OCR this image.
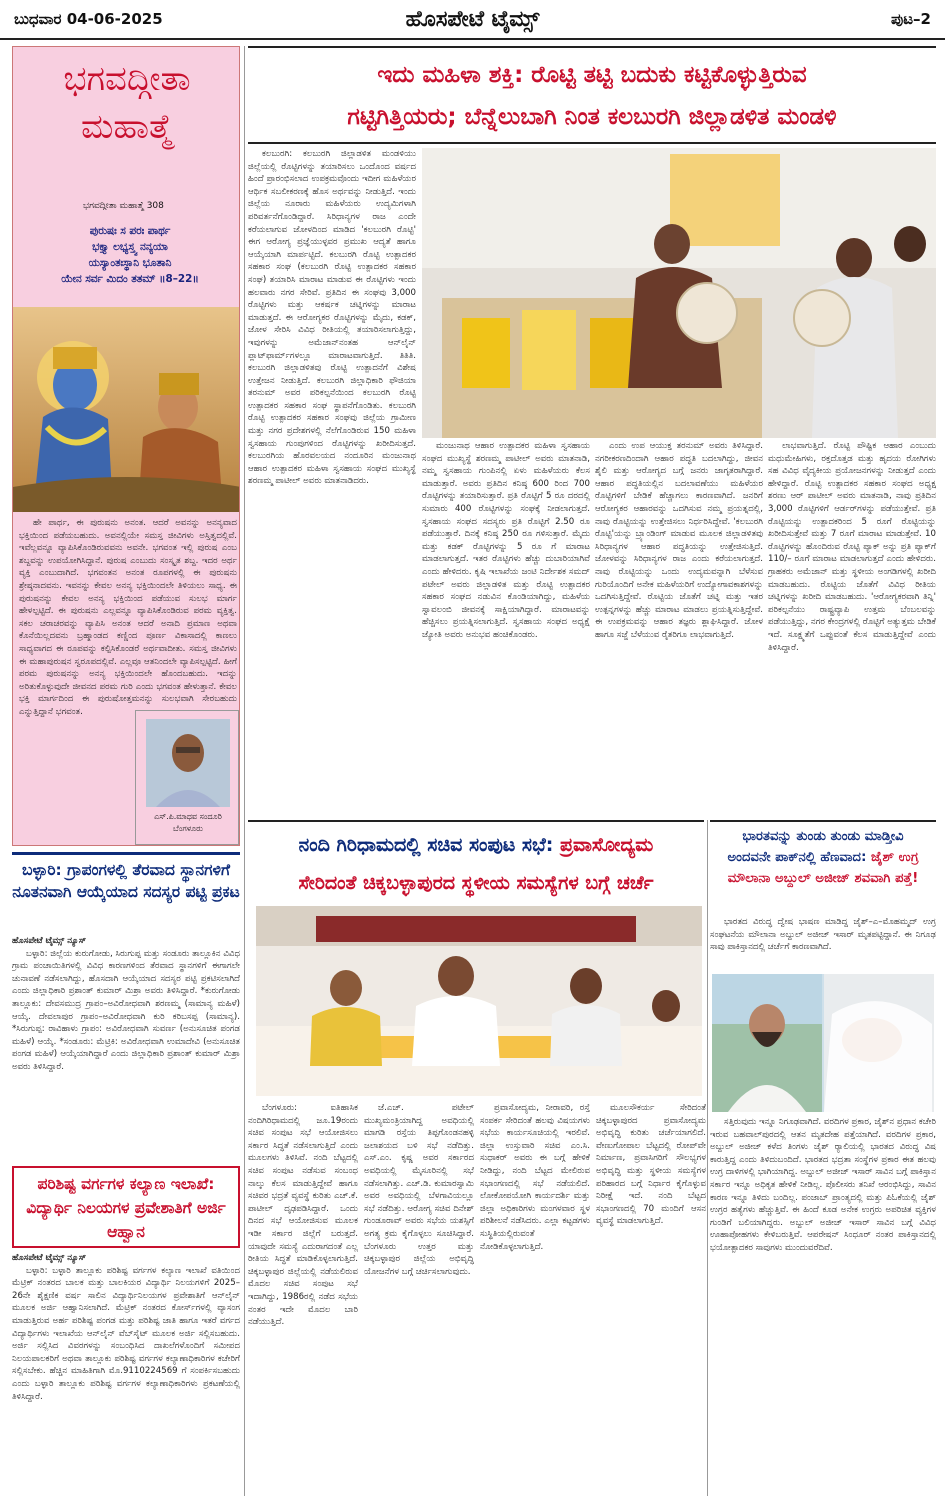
ಬುಧವಾರ 04-06-2025	ಹೊಸಪೇಟೆ ಟೈಮ್ಸ್	ಪುಟ–2
ಭಗವದ್ಗೀತಾ
ಮಹಾತ್ಮೆ
ಭಗವದ್ಗೀತಾ ಮಹಾತ್ಮೆ 308
ಪುರುಷಃ ಸ ಪರಃ ಪಾರ್ಥ
ಭಕ್ತ್ಯಾ ಲಭ್ಯಸ್ತ್ವ ನನ್ಯಯಾ
ಯಸ್ಯಾಂತಃಸ್ಥಾನಿ ಭೂತಾನಿ
ಯೇನ ಸರ್ವ ಮಿದಂ ತತಮ್ ॥8–22॥

ಹೇ ಪಾರ್ಥ, ಈ ಪುರುಷನು ಅನಂತ. ಆದರೆ ಅವನನ್ನು ಅನನ್ಯವಾದ ಭಕ್ತಿಯಿಂದ ಪಡೆಯಬಹುದು. ಅವನಲ್ಲಿಯೇ ಸಮಸ್ತ ಜೀವಿಗಳು ಅಸ್ತಿತ್ವದಲ್ಲಿವೆ. ಇವೆಲ್ಲವನ್ನೂ ವ್ಯಾಪಿಸಿಕೊಂಡಿರುವವನು ಅವನೇ. ಭಗವಂತ ಇಲ್ಲಿ ಪುರುಷ ಎಂಬ ಶಬ್ದವನ್ನು ಉಪಯೋಗಿಸಿದ್ದಾನೆ. ಪುರುಷ ಎಂಬುದು ಸಂಸ್ಕೃತ ಶಬ್ದ. ಇದರ ಅರ್ಥ ವ್ಯಕ್ತಿ ಎಂಬುದಾಗಿದೆ. ಭಗವಂತನ ಅನಂತ ರೂಪಗಳಲ್ಲಿ ಈ ಪುರುಷನು ಶ್ರೇಷ್ಠನಾದವನು. ಇವನನ್ನು ಕೇವಲ ಅನನ್ಯ ಭಕ್ತಿಯಿಂದಲೇ ತಿಳಿಯಲು ಸಾಧ್ಯ. ಈ ಪುರುಷನನ್ನು ಕೇವಲ ಅನನ್ಯ ಭಕ್ತಿಯಿಂದ ಪಡೆಯುವ ಸುಲಭ ಮಾರ್ಗ ಹೇಳಲ್ಪಟ್ಟಿದೆ. ಈ ಪುರುಷನು ಎಲ್ಲವನ್ನೂ ವ್ಯಾಪಿಸಿಕೊಂಡಿರುವ ಪರಮ ವ್ಯಕ್ತಿತ್ವ. ಸಕಲ ಚರಾಚರವನ್ನು ವ್ಯಾಪಿಸಿ ಅನಂತ ಆದರೆ ಅನಾದಿ ಪ್ರಮಾಣ ಅಥವಾ ಕೊನೆಯಿಲ್ಲದವನು ಬ್ರಹ್ಮಾಂಡದ ಕಣ್ಣಿಂದ ಪೂರ್ಣ ವಿಕಾಸಾದಲ್ಲಿ ಕಾಣಲು ಸಾಧ್ಯವಾಗದ ಈ ರೂಪವನ್ನು ಕಲ್ಪಿಸಿಕೊಂಡರೆ ಅರ್ಥವಾದೀತು. ಸಮಸ್ತ ಜೀವಿಗಳು ಈ ಮಹಾಪುರುಷನ ಸ್ವರೂಪದಲ್ಲಿವೆ. ಎಲ್ಲವೂ ಆತನಿಂದಲೇ ವ್ಯಾಪಿಸಲ್ಪಟ್ಟಿದೆ. ಹೀಗೆ ಪರಮ ಪುರುಷನನ್ನು ಅನನ್ಯ ಭಕ್ತಿಯಿಂದಲೇ ಹೊಂದಬಹುದು. ಇದನ್ನು ಅರಿತುಕೊಳ್ಳುವುದೇ ಜೀವನದ ಪರಮ ಗುರಿ ಎಂದು ಭಗವಂತ ಹೇಳುತ್ತಾನೆ. ಕೇವಲ ಭಕ್ತಿ ಮಾರ್ಗದಿಂದ ಈ ಪುರುಷೋತ್ತಮನನ್ನು ಸುಲಭವಾಗಿ ಸೇರಬಹುದು ಎನ್ನುತ್ತಿದ್ದಾನೆ ಭಗವಂತ.

ಎಸ್.ಪಿ.ಮಾಧವ ಸಂದೂರಿ
ಬೆಂಗಳೂರು
ಬಳ್ಳಾರಿ: ಗ್ರಾಪಂಗಳಲ್ಲಿ ತೆರವಾದ ಸ್ಥಾನಗಳಿಗೆ ನೂತನವಾಗಿ ಆಯ್ಕೆಯಾದ ಸದಸ್ಯರ ಪಟ್ಟಿ ಪ್ರಕಟ
ಹೊಸಪೇಟೆ ಟೈಮ್ಸ್ ನ್ಯೂಸ್

ಬಳ್ಳಾರಿ: ಜಿಲ್ಲೆಯ ಕುರುಗೋಡು, ಸಿರುಗುಪ್ಪ ಮತ್ತು ಸಂಡೂರು ತಾಲ್ಲೂಕಿನ ವಿವಿಧ ಗ್ರಾಮ ಪಂಚಾಯಿತಿಗಳಲ್ಲಿ ವಿವಿಧ ಕಾರಣಗಳಿಂದ ತೆರವಾದ ಸ್ಥಾನಗಳಿಗೆ ಈಗಾಗಲೇ ಚುನಾವಣೆ ನಡೆಸಲಾಗಿದ್ದು, ಹೊಸದಾಗಿ ಆಯ್ಕೆಯಾದ ಸದಸ್ಯರ ಪಟ್ಟಿ ಪ್ರಕಟಿಸಲಾಗಿದೆ ಎಂದು ಜಿಲ್ಲಾಧಿಕಾರಿ ಪ್ರಶಾಂತ್ ಕುಮಾರ್ ಮಿಶ್ರಾ ಅವರು ತಿಳಿಸಿದ್ದಾರೆ. *ಕುರುಗೋಡು ತಾಲ್ಲೂಕು: ದೇವಸಮುದ್ರ ಗ್ರಾಪಂ–ಅವಿರೋಧವಾಗಿ ಶರಣಮ್ಮ (ಸಾಮಾನ್ಯ ಮಹಿಳೆ) ಆಯ್ಕೆ. ದೇವಲಾಪುರ ಗ್ರಾಪಂ–ಅವಿರೋಧವಾಗಿ ಕುರಿ ಕರಿಬಸಪ್ಪ (ಸಾಮಾನ್ಯ). *ಸಿರುಗುಪ್ಪ: ರಾವಿಹಾಳು ಗ್ರಾಪಂ: ಅವಿರೋಧವಾಗಿ ಸುವರ್ಣ (ಅನುಸೂಚಿತ ಪಂಗಡ ಮಹಿಳೆ) ಆಯ್ಕೆ. *ಸಂಡೂರು: ಮೆಟ್ರಿಕಿ: ಅವಿರೋಧವಾಗಿ ಉಮಾದೇವಿ (ಅನುಸೂಚಿತ ಪಂಗಡ ಮಹಿಳೆ) ಆಯ್ಕೆಯಾಗಿದ್ದಾರೆ ಎಂದು ಜಿಲ್ಲಾಧಿಕಾರಿ ಪ್ರಶಾಂತ್ ಕುಮಾರ್ ಮಿಶ್ರಾ ಅವರು ತಿಳಿಸಿದ್ದಾರೆ.

ಪರಿಶಿಷ್ಟ ವರ್ಗಗಳ ಕಲ್ಯಾಣ ಇಲಾಖೆ: ವಿದ್ಯಾರ್ಥಿ ನಿಲಯಗಳ ಪ್ರವೇಶಾತಿಗೆ ಅರ್ಜಿ ಆಹ್ವಾನ
ಹೊಸಪೇಟೆ ಟೈಮ್ಸ್ ನ್ಯೂಸ್

ಬಳ್ಳಾರಿ: ಬಳ್ಳಾರಿ ತಾಲ್ಲೂಕು ಪರಿಶಿಷ್ಟ ವರ್ಗಗಳ ಕಲ್ಯಾಣ ಇಲಾಖೆ ವತಿಯಿಂದ ಮೆಟ್ರಿಕ್ ನಂತರದ ಬಾಲಕ ಮತ್ತು ಬಾಲಕಿಯರ ವಿದ್ಯಾರ್ಥಿ ನಿಲಯಗಳಿಗೆ 2025–26ನೇ ಶೈಕ್ಷಣಿಕ ವರ್ಷ ಸಾಲಿನ ವಿದ್ಯಾರ್ಥಿನಿಲಯಗಳ ಪ್ರವೇಶಾತಿಗೆ ಆನ್‌ಲೈನ್ ಮೂಲಕ ಅರ್ಜಿ ಆಹ್ವಾನಿಸಲಾಗಿದೆ. ಮೆಟ್ರಿಕ್ ನಂತರದ ಕೋರ್ಸ್‌ಗಳಲ್ಲಿ ವ್ಯಾಸಂಗ ಮಾಡುತ್ತಿರುವ ಅರ್ಹ ಪರಿಶಿಷ್ಟ ಪಂಗಡ ಮತ್ತು ಪರಿಶಿಷ್ಟ ಜಾತಿ ಹಾಗೂ ಇತರೆ ವರ್ಗದ ವಿದ್ಯಾರ್ಥಿಗಳು ಇಲಾಖೆಯ ಆನ್‌ಲೈನ್ ವೆಬ್‌ಸೈಟ್ ಮೂಲಕ ಅರ್ಜಿ ಸಲ್ಲಿಸಬಹುದು. ಅರ್ಜಿ ಸಲ್ಲಿಸಿದ ವಿವರಗಳನ್ನು ಸಂಬಂಧಿಸಿದ ದಾಖಲೆಗಳೊಂದಿಗೆ ಸಮೀಪದ ನಿಲಯಪಾಲಕರಿಗೆ ಅಥವಾ ತಾಲ್ಲೂಕು ಪರಿಶಿಷ್ಟ ವರ್ಗಗಳ ಕಲ್ಯಾಣಾಧಿಕಾರಿಗಳ ಕಚೇರಿಗೆ ಸಲ್ಲಿಸಬೇಕು. ಹೆಚ್ಚಿನ ಮಾಹಿತಿಗಾಗಿ ಮೊ.9110224569 ಗೆ ಸಂಪರ್ಕಿಸಬಹುದು ಎಂದು ಬಳ್ಳಾರಿ ತಾಲ್ಲೂಕು ಪರಿಶಿಷ್ಟ ವರ್ಗಗಳ ಕಲ್ಯಾಣಾಧಿಕಾರಿಗಳು ಪ್ರಕಟಣೆಯಲ್ಲಿ ತಿಳಿಸಿದ್ದಾರೆ.

ಇದು ಮಹಿಳಾ ಶಕ್ತಿ: ರೊಟ್ಟಿ ತಟ್ಟಿ ಬದುಕು ಕಟ್ಟಿಕೊಳ್ಳುತ್ತಿರುವ
ಗಟ್ಟಿಗಿತ್ತಿಯರು; ಬೆನ್ನೆಲುಬಾಗಿ ನಿಂತ ಕಲಬುರಗಿ ಜಿಲ್ಲಾಡಳಿತ ಮಂಡಳಿ

ಕಲಬುರಗಿ: ಕಲಬುರಗಿ ಜಿಲ್ಲಾಡಳಿತ ಮಂಡಳಿಯು ಜಿಲ್ಲೆಯಲ್ಲಿ ರೊಟ್ಟಿಗಳನ್ನು ತಯಾರಿಸಲು ಒಂದೊಂದ ವರ್ಷದ ಹಿಂದೆ ಪ್ರಾರಂಭಿಸಲಾದ ಉಪಕ್ರಮವೊಂದು ಇದೀಗ ಮಹಿಳೆಯರ ಆರ್ಥಿಕ ಸಬಲೀಕರಣಕ್ಕೆ ಹೊಸ ಅರ್ಥವನ್ನು ನೀಡುತ್ತಿದೆ. ಇಂದು ಜಿಲ್ಲೆಯ ನೂರಾರು ಮಹಿಳೆಯರು ಉದ್ಯಮಿಗಳಾಗಿ ಪರಿವರ್ತನೆಗೊಂಡಿದ್ದಾರೆ. ಸಿರಿಧಾನ್ಯಗಳ ರಾಜ ಎಂದೇ ಕರೆಯಲಾಗುವ ಜೋಳದಿಂದ ಮಾಡಿದ 'ಕಲಬುರಗಿ ರೊಟ್ಟಿ' ಈಗ ಆರೋಗ್ಯ ಪ್ರಜ್ಞೆಯುಳ್ಳವರ ಪ್ರಮುಖ ಆದ್ಯತೆ ಹಾಗೂ ಆಯ್ಕೆಯಾಗಿ ಮಾರ್ಪಟ್ಟಿದೆ. ಕಲಬುರಗಿ ರೊಟ್ಟಿ ಉತ್ಪಾದಕರ ಸಹಕಾರ ಸಂಘ (ಕಲಬುರಗಿ ರೊಟ್ಟಿ ಉತ್ಪಾದಕರ ಸಹಕಾರ ಸಂಘ) ತಯಾರಿಸಿ ಮಾರಾಟ ಮಾಡುವ ಈ ರೊಟ್ಟಿಗಳು ಇಂದು ಹಲವಾರು ನಗರ ಸೇರಿವೆ. ಪ್ರತಿದಿನ ಈ ಸಂಘವು 3,000 ರೊಟ್ಟಿಗಳು ಮತ್ತು ಆಕರ್ಷಕ ಚಟ್ನಿಗಳನ್ನು ಮಾರಾಟ ಮಾಡುತ್ತದೆ. ಈ ಆರೋಗ್ಯಕರ ರೊಟ್ಟಿಗಳನ್ನು ಮೈದು, ಕಡಕ್, ಜೋಳ ಸೇರಿಸಿ ವಿವಿಧ ರೀತಿಯಲ್ಲಿ ತಯಾರಿಸಲಾಗುತ್ತಿದ್ದು, ಇವುಗಳನ್ನು ಅಮೆಜಾನ್‌ನಂತಹ ಆನ್‌ಲೈನ್ ಪ್ಲಾಟ್‌ಫಾರ್ಮ್‌ಗಳಲ್ಲೂ ಮಾರಾಟವಾಗುತ್ತಿದೆ. ತಿತಿತಿ. ಕಲಬುರಗಿ ಜಿಲ್ಲಾಡಳಿತವು ರೊಟ್ಟಿ ಉತ್ಪಾದನೆಗೆ ವಿಶೇಷ ಉತ್ತೇಜನ ನೀಡುತ್ತಿದೆ. ಕಲಬುರಗಿ ಜಿಲ್ಲಾಧಿಕಾರಿ ಫೌಜಿಯಾ ತರನುಮ್ ಅವರ ಪರಿಕಲ್ಪನೆಯಿಂದ ಕಲಬುರಗಿ ರೊಟ್ಟಿ ಉತ್ಪಾದಕರ ಸಹಕಾರ ಸಂಘ ಸ್ಥಾಪನೆಗೊಂಡಿತು. ಕಲಬುರಗಿ ರೊಟ್ಟಿ ಉತ್ಪಾದಕರ ಸಹಕಾರ ಸಂಘವು ಜಿಲ್ಲೆಯ ಗ್ರಾಮೀಣ ಮತ್ತು ನಗರ ಪ್ರದೇಶಗಳಲ್ಲಿ ನೆಲೆಗೊಂಡಿರುವ 150 ಮಹಿಳಾ ಸ್ವಸಹಾಯ ಗುಂಪುಗಳಿಂದ ರೊಟ್ಟಿಗಳನ್ನು ಖರೀದಿಸುತ್ತದೆ. ಕಲಬುರಗಿಯ ಹೊರವಲಯದ ನಂದೂರಿನ ಮಂಜುನಾಥ ಆಹಾರ ಉತ್ಪಾದಕರ ಮಹಿಳಾ ಸ್ವಸಹಾಯ ಸಂಘದ ಮುಖ್ಯಸ್ಥೆ ಶರಣಮ್ಮ ಪಾಟೀಲ್ ಅವರು ಮಾತನಾಡಿದರು.

ಮಂಜುನಾಥ ಆಹಾರ ಉತ್ಪಾದಕರ ಮಹಿಳಾ ಸ್ವಸಹಾಯ ಸಂಘದ ಮುಖ್ಯಸ್ಥೆ ಶರಣಮ್ಮ ಪಾಟೀಲ್ ಅವರು ಮಾತನಾಡಿ, ನಮ್ಮ ಸ್ವಸಹಾಯ ಗುಂಪಿನಲ್ಲಿ ಏಳು ಮಹಿಳೆಯರು ಕೆಲಸ ಮಾಡುತ್ತಾರೆ. ಅವರು ಪ್ರತಿದಿನ ಕನಿಷ್ಠ 600 ರಿಂದ 700 ರೊಟ್ಟಿಗಳನ್ನು ತಯಾರಿಸುತ್ತಾರೆ. ಪ್ರತಿ ರೊಟ್ಟಿಗೆ 5 ರೂ ದರದಲ್ಲಿ ಸುಮಾರು 400 ರೊಟ್ಟಿಗಳನ್ನು ಸಂಘಕ್ಕೆ ನೀಡಲಾಗುತ್ತದೆ. ಸ್ವಸಹಾಯ ಸಂಘದ ಸದಸ್ಯರು ಪ್ರತಿ ರೊಟ್ಟಿಗೆ 2.50 ರೂ ಪಡೆಯುತ್ತಾರೆ. ದಿನಕ್ಕೆ ಕನಿಷ್ಠ 250 ರೂ ಗಳಿಸುತ್ತಾರೆ. ಮೈದು ಮತ್ತು ಕಡಕ್ ರೊಟ್ಟಿಗಳನ್ನು 5 ರೂ ಗೆ ಮಾರಾಟ ಮಾಡಲಾಗುತ್ತದೆ. ಇತರ ರೊಟ್ಟಿಗಳು ಹೆಚ್ಚು ದುಬಾರಿಯಾಗಿವೆ ಎಂದು ಹೇಳಿದರು. ಕೃಷಿ ಇಲಾಖೆಯ ಜಂಟಿ ನಿರ್ದೇಶಕ ಸಮದ್ ಪಟೇಲ್ ಅವರು ಜಿಲ್ಲಾಡಳಿತ ಮತ್ತು ರೊಟ್ಟಿ ಉತ್ಪಾದಕರ ಸಹಕಾರ ಸಂಘದ ನಡುವಿನ ಕೊಂಡಿಯಾಗಿದ್ದು, ಮಹಿಳೆಯ ಸ್ವಾವಲಂಬಿ ಜೀವನಕ್ಕೆ ಸಾಕ್ಷಿಯಾಗಿದ್ದಾರೆ. ಮಾರಾಟವನ್ನು ಹೆಚ್ಚಿಸಲು ಪ್ರಯತ್ನಿಸಲಾಗುತ್ತಿದೆ. ಸ್ವಸಹಾಯ ಸಂಘದ ಅಧ್ಯಕ್ಷೆ ಜ್ಯೋತಿ ಅವರು ಅನುಭವ ಹಂಚಿಕೊಂಡರು.

ಎಂದು ಉಪ ಆಯುಕ್ತ ತರನುಮ್ ಅವರು ತಿಳಿಸಿದ್ದಾರೆ. ನಗರೀಕರಣದಿಂದಾಗಿ ಆಹಾರ ಪದ್ಧತಿ ಬದಲಾಗಿದ್ದು, ಜೀವನ ಶೈಲಿ ಮತ್ತು ಆರೋಗ್ಯದ ಬಗ್ಗೆ ಜನರು ಜಾಗೃತರಾಗಿದ್ದಾರೆ. ಆಹಾರ ಪದ್ಧತಿಯಲ್ಲಿನ ಬದಲಾವಣೆಯು ಮಹಿಳೆಯರ ರೊಟ್ಟಿಗಳಿಗೆ ಬೇಡಿಕೆ ಹೆಚ್ಚಾಗಲು ಕಾರಣವಾಗಿದೆ. ಜನರಿಗೆ ಆರೋಗ್ಯಕರ ಆಹಾರವನ್ನು ಒದಗಿಸುವ ನಮ್ಮ ಪ್ರಯತ್ನದಲ್ಲಿ, ನಾವು ರೊಟ್ಟಿಯನ್ನು ಉತ್ತೇಜಿಸಲು ನಿರ್ಧರಿಸಿದ್ದೇವೆ. 'ಕಲಬುರಗಿ ರೊಟ್ಟಿ'ಯನ್ನು ಬ್ರ್ಯಾಂಡಿಂಗ್ ಮಾಡುವ ಮೂಲಕ ಜಿಲ್ಲಾಡಳಿತವು ಸಿರಿಧಾನ್ಯಗಳ ಆಹಾರ ಪದ್ಧತಿಯನ್ನು ಉತ್ತೇಜಿಸುತ್ತಿದೆ. ಜೋಳವನ್ನು ಸಿರಿಧಾನ್ಯಗಳ ರಾಜ ಎಂದು ಕರೆಯಲಾಗುತ್ತದೆ. ನಾವು ರೊಟ್ಟಿಯನ್ನು ಒಂದು ಉದ್ಯಮವನ್ನಾಗಿ ಬೆಳೆಸುವ ಗುರಿಯೊಂದಿಗೆ ಅನೇಕ ಮಹಿಳೆಯರಿಗೆ ಉದ್ಯೋಗಾವಕಾಶಗಳನ್ನು ಒದಗಿಸುತ್ತಿದ್ದೇವೆ. ರೊಟ್ಟಿಯ ಜೊತೆಗೆ ಚಟ್ನಿ ಮತ್ತು ಇತರ ಉತ್ಪನ್ನಗಳನ್ನು ಹೆಚ್ಚು ಮಾರಾಟ ಮಾಡಲು ಪ್ರಯತ್ನಿಸುತ್ತಿದ್ದೇವೆ. ಈ ಉಪಕ್ರಮವನ್ನು ಆಹಾರ ತಜ್ಞರು ಶ್ಲಾಘಿಸಿದ್ದಾರೆ. ಜೋಳ ಹಾಗೂ ಸಜ್ಜೆ ಬೆಳೆಯುವ ರೈತರಿಗೂ ಲಾಭವಾಗುತ್ತಿದೆ.

ಲಾಭವಾಗುತ್ತಿದೆ. ರೊಟ್ಟಿ ಪೌಷ್ಟಿಕ ಆಹಾರ ಎಂಬುದು ಮಧುಮೇಹಿಗಳು, ರಕ್ತದೊತ್ತಡ ಮತ್ತು ಹೃದಯ ರೋಗಿಗಳು ಸಹ ವಿವಿಧ ವೈದ್ಯಕೀಯ ಪ್ರಯೋಜನಗಳನ್ನು ನೀಡುತ್ತದೆ ಎಂದು ಹೇಳಿದ್ದಾರೆ. ರೊಟ್ಟಿ ಉತ್ಪಾದಕರ ಸಹಕಾರ ಸಂಘದ ಅಧ್ಯಕ್ಷ ಶರಣು ಆರ್ ಪಾಟೀಲ್ ಅವರು ಮಾತನಾಡಿ, ನಾವು ಪ್ರತಿದಿನ 3,000 ರೊಟ್ಟಿಗಳಿಗೆ ಆರ್ಡರ್‌ಗಳನ್ನು ಪಡೆಯುತ್ತೇವೆ. ಪ್ರತಿ ರೊಟ್ಟಿಯನ್ನು ಉತ್ಪಾದಕರಿಂದ 5 ರೂಗೆ ರೊಟ್ಟಿಯನ್ನು ಖರೀದಿಸುತ್ತೇವೆ ಮತ್ತು 7 ರೂಗೆ ಮಾರಾಟ ಮಾಡುತ್ತೇವೆ. 10 ರೊಟ್ಟಿಗಳನ್ನು ಹೊಂದಿರುವ ರೊಟ್ಟಿ ಪ್ಯಾಕ್ ಅನ್ನು ಪ್ರತಿ ಪ್ಯಾಕ್‌ಗೆ 110/– ರೂಗೆ ಮಾರಾಟ ಮಾಡಲಾಗುತ್ತದೆ ಎಂದು ಹೇಳಿದರು. ಗ್ರಾಹಕರು ಅಮೆಜಾನ್ ಮತ್ತು ಸ್ಥಳೀಯ ಅಂಗಡಿಗಳಲ್ಲಿ ಖರೀದಿ ಮಾಡಬಹುದು. ರೊಟ್ಟಿಯ ಜೊತೆಗೆ ವಿವಿಧ ರೀತಿಯ ಚಟ್ನಿಗಳನ್ನು ಖರೀದಿ ಮಾಡಬಹುದು. 'ಆರೋಗ್ಯಕರವಾಗಿ ತಿನ್ನಿ' ಪರಿಕಲ್ಪನೆಯು ರಾಷ್ಟ್ರವ್ಯಾಪಿ ಉತ್ತಮ ಬೆಂಬಲವನ್ನು ಪಡೆಯುತ್ತಿದ್ದು, ನಗರ ಕೇಂದ್ರಗಳಲ್ಲಿ ರೊಟ್ಟಿಗೆ ಅತ್ಯುತ್ತಮ ಬೇಡಿಕೆ ಇದೆ. ಸೂಕ್ಷ್ಮತೆಗೆ ಒಪ್ಪುವಂತೆ ಕೆಲಸ ಮಾಡುತ್ತಿದ್ದೇವೆ ಎಂದು ತಿಳಿಸಿದ್ದಾರೆ.

ನಂದಿ ಗಿರಿಧಾಮದಲ್ಲಿ ಸಚಿವ ಸಂಪುಟ ಸಭೆ: ಪ್ರವಾಸೋದ್ಯಮ
ಸೇರಿದಂತೆ ಚಿಕ್ಕಬಳ್ಳಾಪುರದ ಸ್ಥಳೀಯ ಸಮಸ್ಯೆಗಳ ಬಗ್ಗೆ ಚರ್ಚೆ

ಬೆಂಗಳೂರು: ಐತಿಹಾಸಿಕ ನಂದಿಗಿರಿಧಾಮದಲ್ಲಿ ಜೂ.19ರಂದು ಸಚಿವ ಸಂಪುಟ ಸಭೆ ಆಯೋಜಿಸಲು ಸರ್ಕಾರ ಸಿದ್ಧತೆ ನಡೆಸಲಾಗುತ್ತಿದೆ ಎಂದು ಮೂಲಗಳು ತಿಳಿಸಿವೆ. ನಂದಿ ಬೆಟ್ಟದಲ್ಲಿ ಸಚಿವ ಸಂಪುಟ ನಡೆಸುವ ಸಂಬಂಧ ನಾಲ್ಕು ಕೆಲಸ ಮಾಡುತ್ತಿದ್ದೇವೆ ಹಾಗೂ ಸಚಿವರ ಭದ್ರತೆ ವ್ಯವಸ್ಥೆ ಕುರಿತು ಎಚ್.ಕೆ. ಪಾಟೀಲ್ ದೃಢಪಡಿಸಿದ್ದಾರೆ. ಒಂದು ದಿನದ ಸಭೆ ಆಯೋಜಿಸುವ ಮೂಲಕ ಇಡೀ ಸರ್ಕಾರ ಜಿಲ್ಲೆಗೆ ಬರುತ್ತದೆ. ಯಾವುದೇ ಸಮಸ್ಯೆ ಎದುರಾಗದಂತೆ ಎಲ್ಲ ರೀತಿಯ ಸಿದ್ಧತೆ ಮಾಡಿಕೊಳ್ಳಲಾಗುತ್ತಿದೆ. ಚಿಕ್ಕಬಳ್ಳಾಪುರ ಜಿಲ್ಲೆಯಲ್ಲಿ ನಡೆಯಲಿರುವ ಮೊದಲ ಸಚಿವ ಸಂಪುಟ ಸಭೆ ಇದಾಗಿದ್ದು, 1986ರಲ್ಲಿ ನಡೆದ ಸಭೆಯ ನಂತರ ಇದೇ ಮೊದಲ ಬಾರಿ ನಡೆಯುತ್ತಿದೆ.

ಜೆ.ಎಚ್. ಪಟೇಲ್ ಮುಖ್ಯಮಂತ್ರಿಯಾಗಿದ್ದ ಅವಧಿಯಲ್ಲಿ ಮಾಗಡಿ ರಸ್ತೆಯ ತಿಪ್ಪಗೊಂಡನಹಳ್ಳಿ ಜಲಾಶಯದ ಬಳಿ ಸಭೆ ನಡೆದಿತ್ತು. ಎಸ್.ಎಂ. ಕೃಷ್ಣ ಅವರ ಸರ್ಕಾರದ ಅವಧಿಯಲ್ಲಿ ಮೈಸೂರಿನಲ್ಲಿ ಸಭೆ ನಡೆಸಲಾಗಿತ್ತು. ಎಚ್.ಡಿ. ಕುಮಾರಸ್ವಾಮಿ ಅವರ ಅವಧಿಯಲ್ಲಿ ಬೆಳಗಾವಿಯಲ್ಲೂ ಸಭೆ ನಡೆದಿತ್ತು. ಆರೋಗ್ಯ ಸಚಿವ ದಿನೇಶ್ ಗುಂಡೂರಾವ್ ಅವರು ಸಭೆಯ ಯಶಸ್ಸಿಗೆ ಅಗತ್ಯ ಕ್ರಮ ಕೈಗೊಳ್ಳಲು ಸೂಚಿಸಿದ್ದಾರೆ. ಬೆಂಗಳೂರು ಉತ್ತರ ಮತ್ತು ಚಿಕ್ಕಬಳ್ಳಾಪುರ ಜಿಲ್ಲೆಯ ಅಭಿವೃದ್ಧಿ ಯೋಜನೆಗಳ ಬಗ್ಗೆ ಚರ್ಚಿಸಲಾಗುವುದು.

ಪ್ರವಾಸೋದ್ಯಮ, ನೀರಾವರಿ, ರಸ್ತೆ ಸಂಪರ್ಕ ಸೇರಿದಂತೆ ಹಲವು ವಿಷಯಗಳು ಸಭೆಯ ಕಾರ್ಯಸೂಚಿಯಲ್ಲಿ ಇರಲಿವೆ. ಜಿಲ್ಲಾ ಉಸ್ತುವಾರಿ ಸಚಿವ ಎಂ.ಸಿ. ಸುಧಾಕರ್ ಅವರು ಈ ಬಗ್ಗೆ ಹೇಳಿಕೆ ನೀಡಿದ್ದು, ನಂದಿ ಬೆಟ್ಟದ ಮೇಲಿರುವ ಸಭಾಂಗಣದಲ್ಲಿ ಸಭೆ ನಡೆಯಲಿದೆ. ಲೋಕೋಪಯೋಗಿ ಕಾರ್ಯದರ್ಶಿ ಮತ್ತು ಜಿಲ್ಲಾ ಅಧಿಕಾರಿಗಳು ಮಂಗಳವಾರ ಸ್ಥಳ ಪರಿಶೀಲನೆ ನಡೆಸಿದರು. ಎಲ್ಲಾ ಕಟ್ಟಡಗಳು ಸುಸ್ಥಿತಿಯಲ್ಲಿರುವಂತೆ ನೋಡಿಕೊಳ್ಳಲಾಗುತ್ತಿದೆ.

ಮೂಲಸೌಕರ್ಯ ಸೇರಿದಂತೆ ಚಿಕ್ಕಬಳ್ಳಾಪುರದ ಪ್ರವಾಸೋದ್ಯಮ ಅಭಿವೃದ್ಧಿ ಕುರಿತು ಚರ್ಚೆಯಾಗಲಿದೆ. ವೇಣುಗೋಪಾಲ ಬೆಟ್ಟದಲ್ಲಿ ರೋಪ್‌ವೇ ನಿರ್ಮಾಣ, ಪ್ರವಾಸಿಗರಿಗೆ ಸೌಲಭ್ಯಗಳ ಅಭಿವೃದ್ಧಿ ಮತ್ತು ಸ್ಥಳೀಯ ಸಮಸ್ಯೆಗಳ ಪರಿಹಾರದ ಬಗ್ಗೆ ನಿರ್ಧಾರ ಕೈಗೊಳ್ಳುವ ನಿರೀಕ್ಷೆ ಇದೆ. ನಂದಿ ಬೆಟ್ಟದ ಸಭಾಂಗಣದಲ್ಲಿ 70 ಮಂದಿಗೆ ಆಸನ ವ್ಯವಸ್ಥೆ ಮಾಡಲಾಗುತ್ತಿದೆ.

ಭಾರತವನ್ನು ತುಂಡು ತುಂಡು ಮಾಡ್ತೀವಿ
ಅಂದವನೇ ಪಾಕ್‌ನಲ್ಲಿ ಹೆಣವಾದ: ಜೈಶ್ ಉಗ್ರ ಮೌಲಾನಾ ಅಬ್ದುಲ್ ಅಜೀಜ್ ಶವವಾಗಿ ಪತ್ತೆ!

ಭಾರತದ ವಿರುದ್ಧ ದ್ವೇಷ ಭಾಷಣ ಮಾಡಿದ್ದ ಜೈಶ್–ಎ–ಮೊಹಮ್ಮದ್ ಉಗ್ರ ಸಂಘಟನೆಯ ಮೌಲಾನಾ ಅಬ್ದುಲ್ ಅಜೀಜ್ ಇಸಾರ್ ಮೃತಪಟ್ಟಿದ್ದಾನೆ. ಈ ನಿಗೂಢ ಸಾವು ಪಾಕಿಸ್ತಾನದಲ್ಲಿ ಚರ್ಚೆಗೆ ಕಾರಣವಾಗಿದೆ.

ಸತ್ತಿರುವುದು ಇನ್ನೂ ನಿಗೂಢವಾಗಿದೆ. ವರದಿಗಳ ಪ್ರಕಾರ, ಜೈಶ್‌ನ ಪ್ರಧಾನ ಕಚೇರಿ ಇರುವ ಬಹವಾಲ್‌ಪುರದಲ್ಲಿ ಆತನ ಮೃತದೇಹ ಪತ್ತೆಯಾಗಿದೆ. ವರದಿಗಳ ಪ್ರಕಾರ, ಅಬ್ದುಲ್ ಅಜೀಜ್ ಕಳೆದ ತಿಂಗಳು ಜೈಶ್ ರ್‍ಯಾಲಿಯಲ್ಲಿ ಭಾರತದ ವಿರುದ್ಧ ವಿಷ ಕಾರುತ್ತಿದ್ದ ಎಂದು ತಿಳಿದುಬಂದಿದೆ. ಭಾರತದ ಭದ್ರತಾ ಸಂಸ್ಥೆಗಳ ಪ್ರಕಾರ ಈತ ಹಲವು ಉಗ್ರ ದಾಳಿಗಳಲ್ಲಿ ಭಾಗಿಯಾಗಿದ್ದ. ಅಬ್ದುಲ್ ಅಜೀಜ್ ಇಸಾರ್ ಸಾವಿನ ಬಗ್ಗೆ ಪಾಕಿಸ್ತಾನ ಸರ್ಕಾರ ಇನ್ನೂ ಅಧಿಕೃತ ಹೇಳಿಕೆ ನೀಡಿಲ್ಲ. ಪೊಲೀಸರು ತನಿಖೆ ಆರಂಭಿಸಿದ್ದು, ಸಾವಿನ ಕಾರಣ ಇನ್ನೂ ತಿಳಿದು ಬಂದಿಲ್ಲ. ಪಂಜಾಬ್ ಪ್ರಾಂತ್ಯದಲ್ಲಿ ಮತ್ತು ಪಿಓಕೆಯಲ್ಲಿ ಜೈಶ್ ಉಗ್ರರ ಹತ್ಯೆಗಳು ಹೆಚ್ಚುತ್ತಿವೆ. ಈ ಹಿಂದೆ ಕೂಡ ಅನೇಕ ಉಗ್ರರು ಅಪರಿಚಿತ ವ್ಯಕ್ತಿಗಳ ಗುಂಡಿಗೆ ಬಲಿಯಾಗಿದ್ದರು. ಅಬ್ದುಲ್ ಅಜೀಜ್ ಇಸಾರ್ ಸಾವಿನ ಬಗ್ಗೆ ವಿವಿಧ ಊಹಾಪೋಹಗಳು ಕೇಳಿಬರುತ್ತಿವೆ. ಆಪರೇಷನ್ ಸಿಂಧೂರ್ ನಂತರ ಪಾಕಿಸ್ತಾನದಲ್ಲಿ ಭಯೋತ್ಪಾದಕರ ಸಾವುಗಳು ಮುಂದುವರೆದಿವೆ.
